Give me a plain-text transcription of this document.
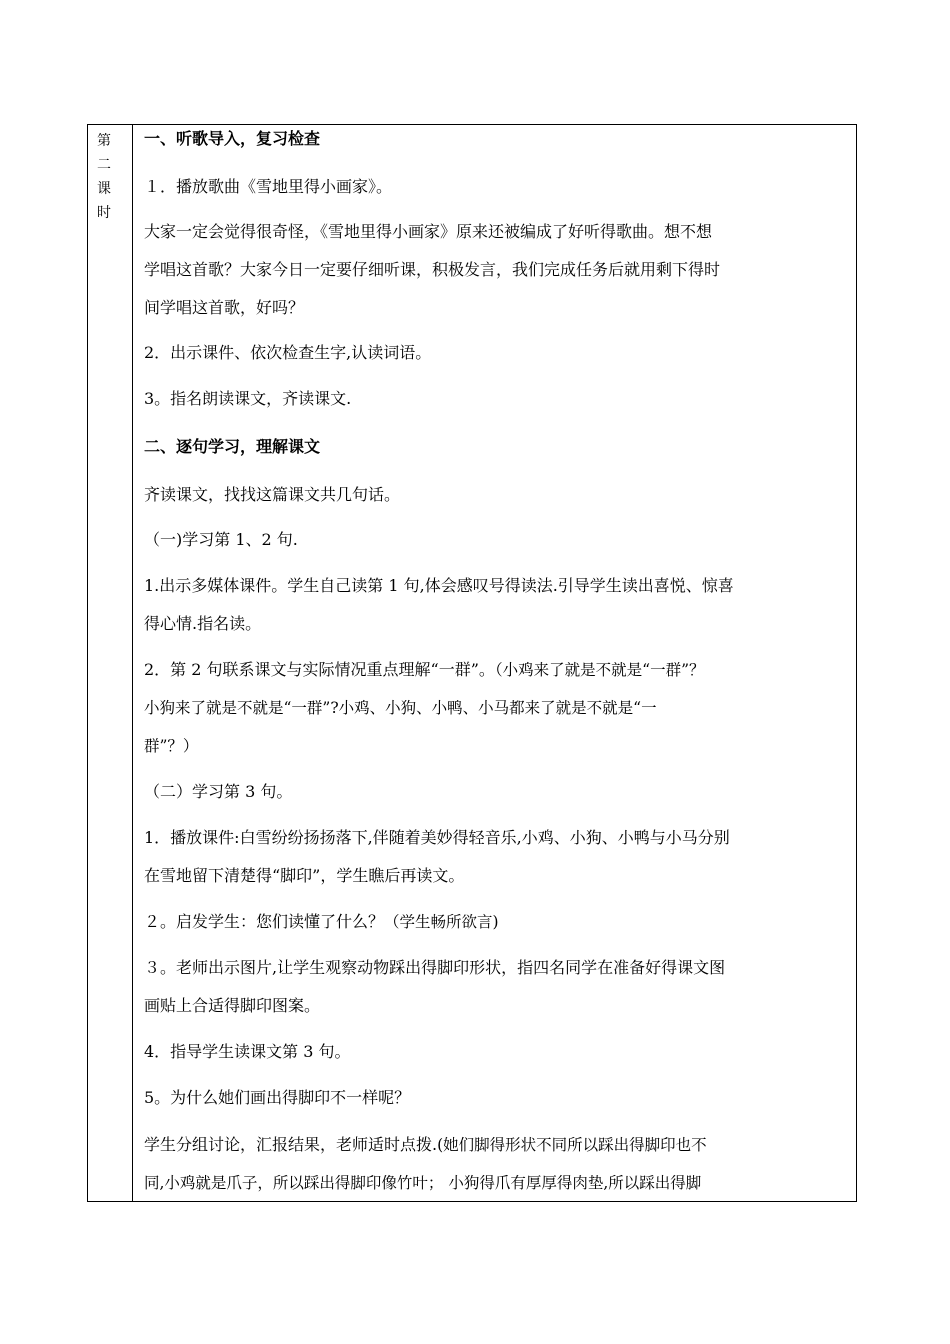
第二课时
一、听歌导入，复习检查
１．播放歌曲《雪地里得小画家》。
大家一定会觉得很奇怪，《雪地里得小画家》原来还被编成了好听得歌曲。想不想
学唱这首歌？大家今日一定要仔细听课，积极发言，我们完成任务后就用剩下得时
间学唱这首歌，好吗？
2．出示课件、依次检查生字,认读词语。
3。指名朗读课文，齐读课文.
二、逐句学习，理解课文
齐读课文，找找这篇课文共几句话。
（一)学习第 1、2 句.
1.出示多媒体课件。学生自己读第 1 句,体会感叹号得读法.引导学生读出喜悦、惊喜
得心情.指名读。
2．第 2 句联系课文与实际情况重点理解“一群”。（小鸡来了就是不就是“一群”？
小狗来了就是不就是“一群”?小鸡、小狗、小鸭、小马都来了就是不就是“一
群”？）
（二）学习第 3 句。
1．播放课件:白雪纷纷扬扬落下,伴随着美妙得轻音乐,小鸡、小狗、小鸭与小马分别
在雪地留下清楚得“脚印”，学生瞧后再读文。
２。启发学生：您们读懂了什么？（学生畅所欲言)
３。老师出示图片,让学生观察动物踩出得脚印形状，指四名同学在准备好得课文图
画贴上合适得脚印图案。
4．指导学生读课文第 3 句。
5。为什么她们画出得脚印不一样呢？
学生分组讨论，汇报结果，老师适时点拨.(她们脚得形状不同所以踩出得脚印也不
同,小鸡就是爪子，所以踩出得脚印像竹叶； 小狗得爪有厚厚得肉垫,所以踩出得脚
